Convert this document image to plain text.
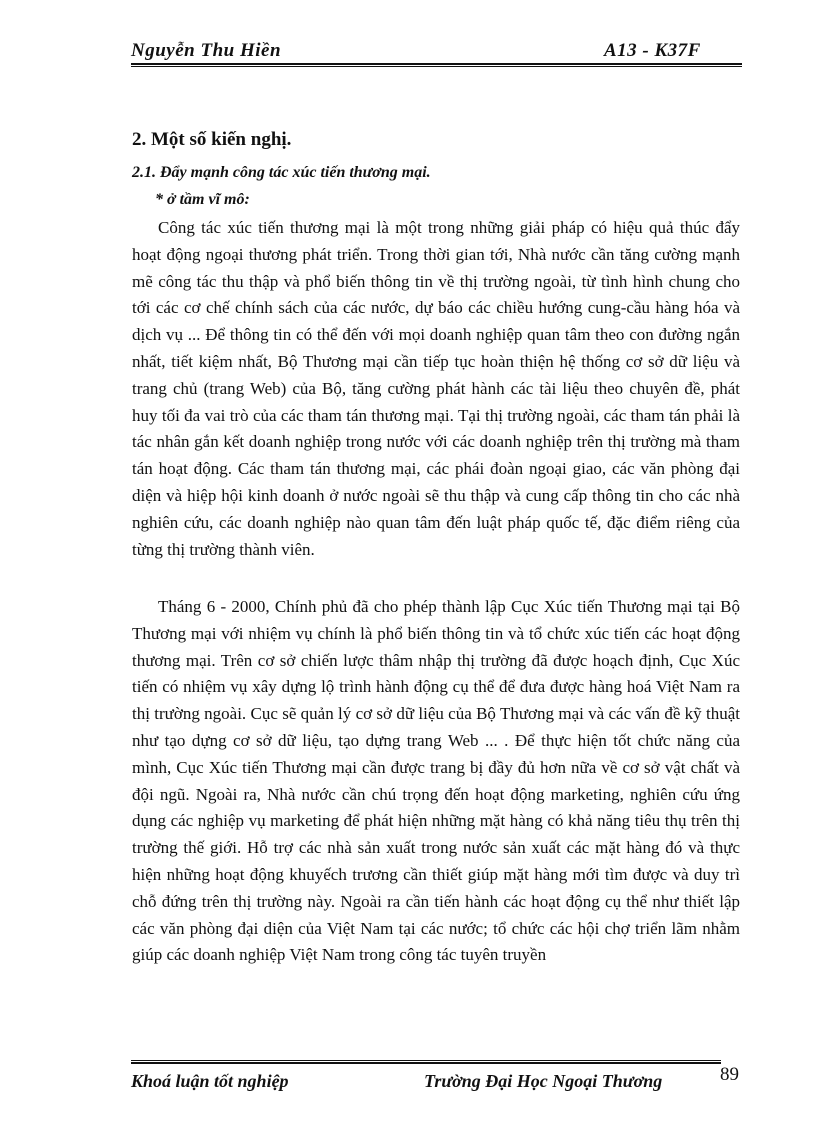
Nguyễn Thu Hiền	A13 - K37F
2. Một số kiến nghị.
2.1. Đẩy mạnh công tác xúc tiến thương mại.
* ở tầm vĩ mô:

Công tác xúc tiến thương mại là một trong những giải pháp có hiệu quả thúc đẩy hoạt động ngoại thương phát triển. Trong thời gian tới, Nhà nước cần tăng cường mạnh mẽ công tác thu thập và phổ biến thông tin về thị trường ngoài, từ tình hình chung cho tới các cơ chế chính sách của các nước, dự báo các chiều hướng cung-cầu hàng hóa và dịch vụ ... Để thông tin có thể đến với mọi doanh nghiệp quan tâm theo con đường ngắn nhất, tiết kiệm nhất, Bộ Thương mại cần tiếp tục hoàn thiện hệ thống cơ sở dữ liệu và trang chủ (trang Web) của Bộ, tăng cường phát hành các tài liệu theo chuyên đề, phát huy tối đa vai trò của các tham tán thương mại. Tại thị trường ngoài, các tham tán phải là tác nhân gắn kết doanh nghiệp trong nước với các doanh nghiệp trên thị trường mà tham tán hoạt động. Các tham tán thương mại, các phái đoàn ngoại giao, các văn phòng đại diện và hiệp hội kinh doanh ở nước ngoài sẽ thu thập và cung cấp thông tin cho các nhà nghiên cứu, các doanh nghiệp nào quan tâm đến luật pháp quốc tế, đặc điểm riêng của từng thị trường thành viên.

Tháng 6 - 2000, Chính phủ đã cho phép thành lập Cục Xúc tiến Thương mại tại Bộ Thương mại với nhiệm vụ chính là phổ biến thông tin và tổ chức xúc tiến các hoạt động thương mại. Trên cơ sở chiến lược thâm nhập thị trường đã được hoạch định, Cục Xúc tiến có nhiệm vụ xây dựng lộ trình hành động cụ thể để đưa được hàng hoá Việt Nam ra thị trường ngoài. Cục sẽ quản lý cơ sở dữ liệu của Bộ Thương mại và các vấn đề kỹ thuật như tạo dựng cơ sở dữ liệu, tạo dựng trang Web ... . Để thực hiện tốt chức năng của mình, Cục Xúc tiến Thương mại cần được trang bị đầy đủ hơn nữa về cơ sở vật chất và đội ngũ. Ngoài ra, Nhà nước cần chú trọng đến hoạt động marketing, nghiên cứu ứng dụng các nghiệp vụ marketing để phát hiện những mặt hàng có khả năng tiêu thụ trên thị trường thế giới. Hỗ trợ các nhà sản xuất trong nước sản xuất các mặt hàng đó và thực hiện những hoạt động khuyếch trương cần thiết giúp mặt hàng mới tìm được và duy trì chỗ đứng trên thị trường này. Ngoài ra cần tiến hành các hoạt động cụ thể như thiết lập các văn phòng đại diện của Việt Nam tại các nước; tổ chức các hội chợ triển lãm nhằm giúp các doanh nghiệp Việt Nam trong công tác tuyên truyền

Khoá luận tốt nghiệp	Trường Đại Học Ngoại Thương	89
